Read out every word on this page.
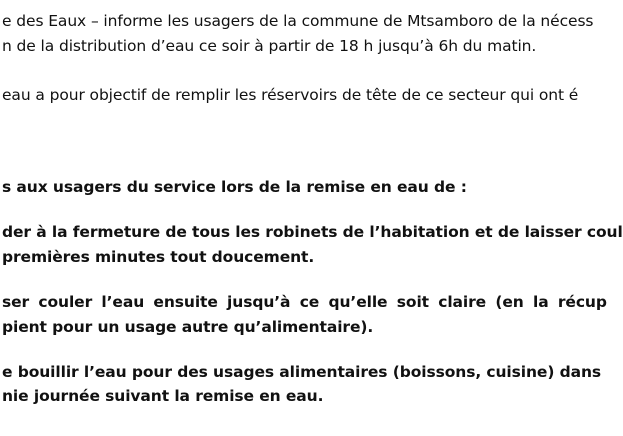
e des Eaux – informe les usagers de la commune de Mtsamboro de la nécess
n de la distribution d’eau ce soir à partir de 18 h jusqu’à 6h du matin.
eau a pour objectif de remplir les réservoirs de tête de ce secteur qui ont é
s aux usagers du service lors de la remise en eau de :
der à la fermeture de tous les robinets de l’habitation et de laisser coul
premières minutes tout doucement.
ser couler l’eau ensuite jusqu’à ce qu’elle soit claire (en la récup
pient pour un usage autre qu’alimentaire).
e bouillir l’eau pour des usages alimentaires (boissons, cuisine) dans
nie journée suivant la remise en eau.
